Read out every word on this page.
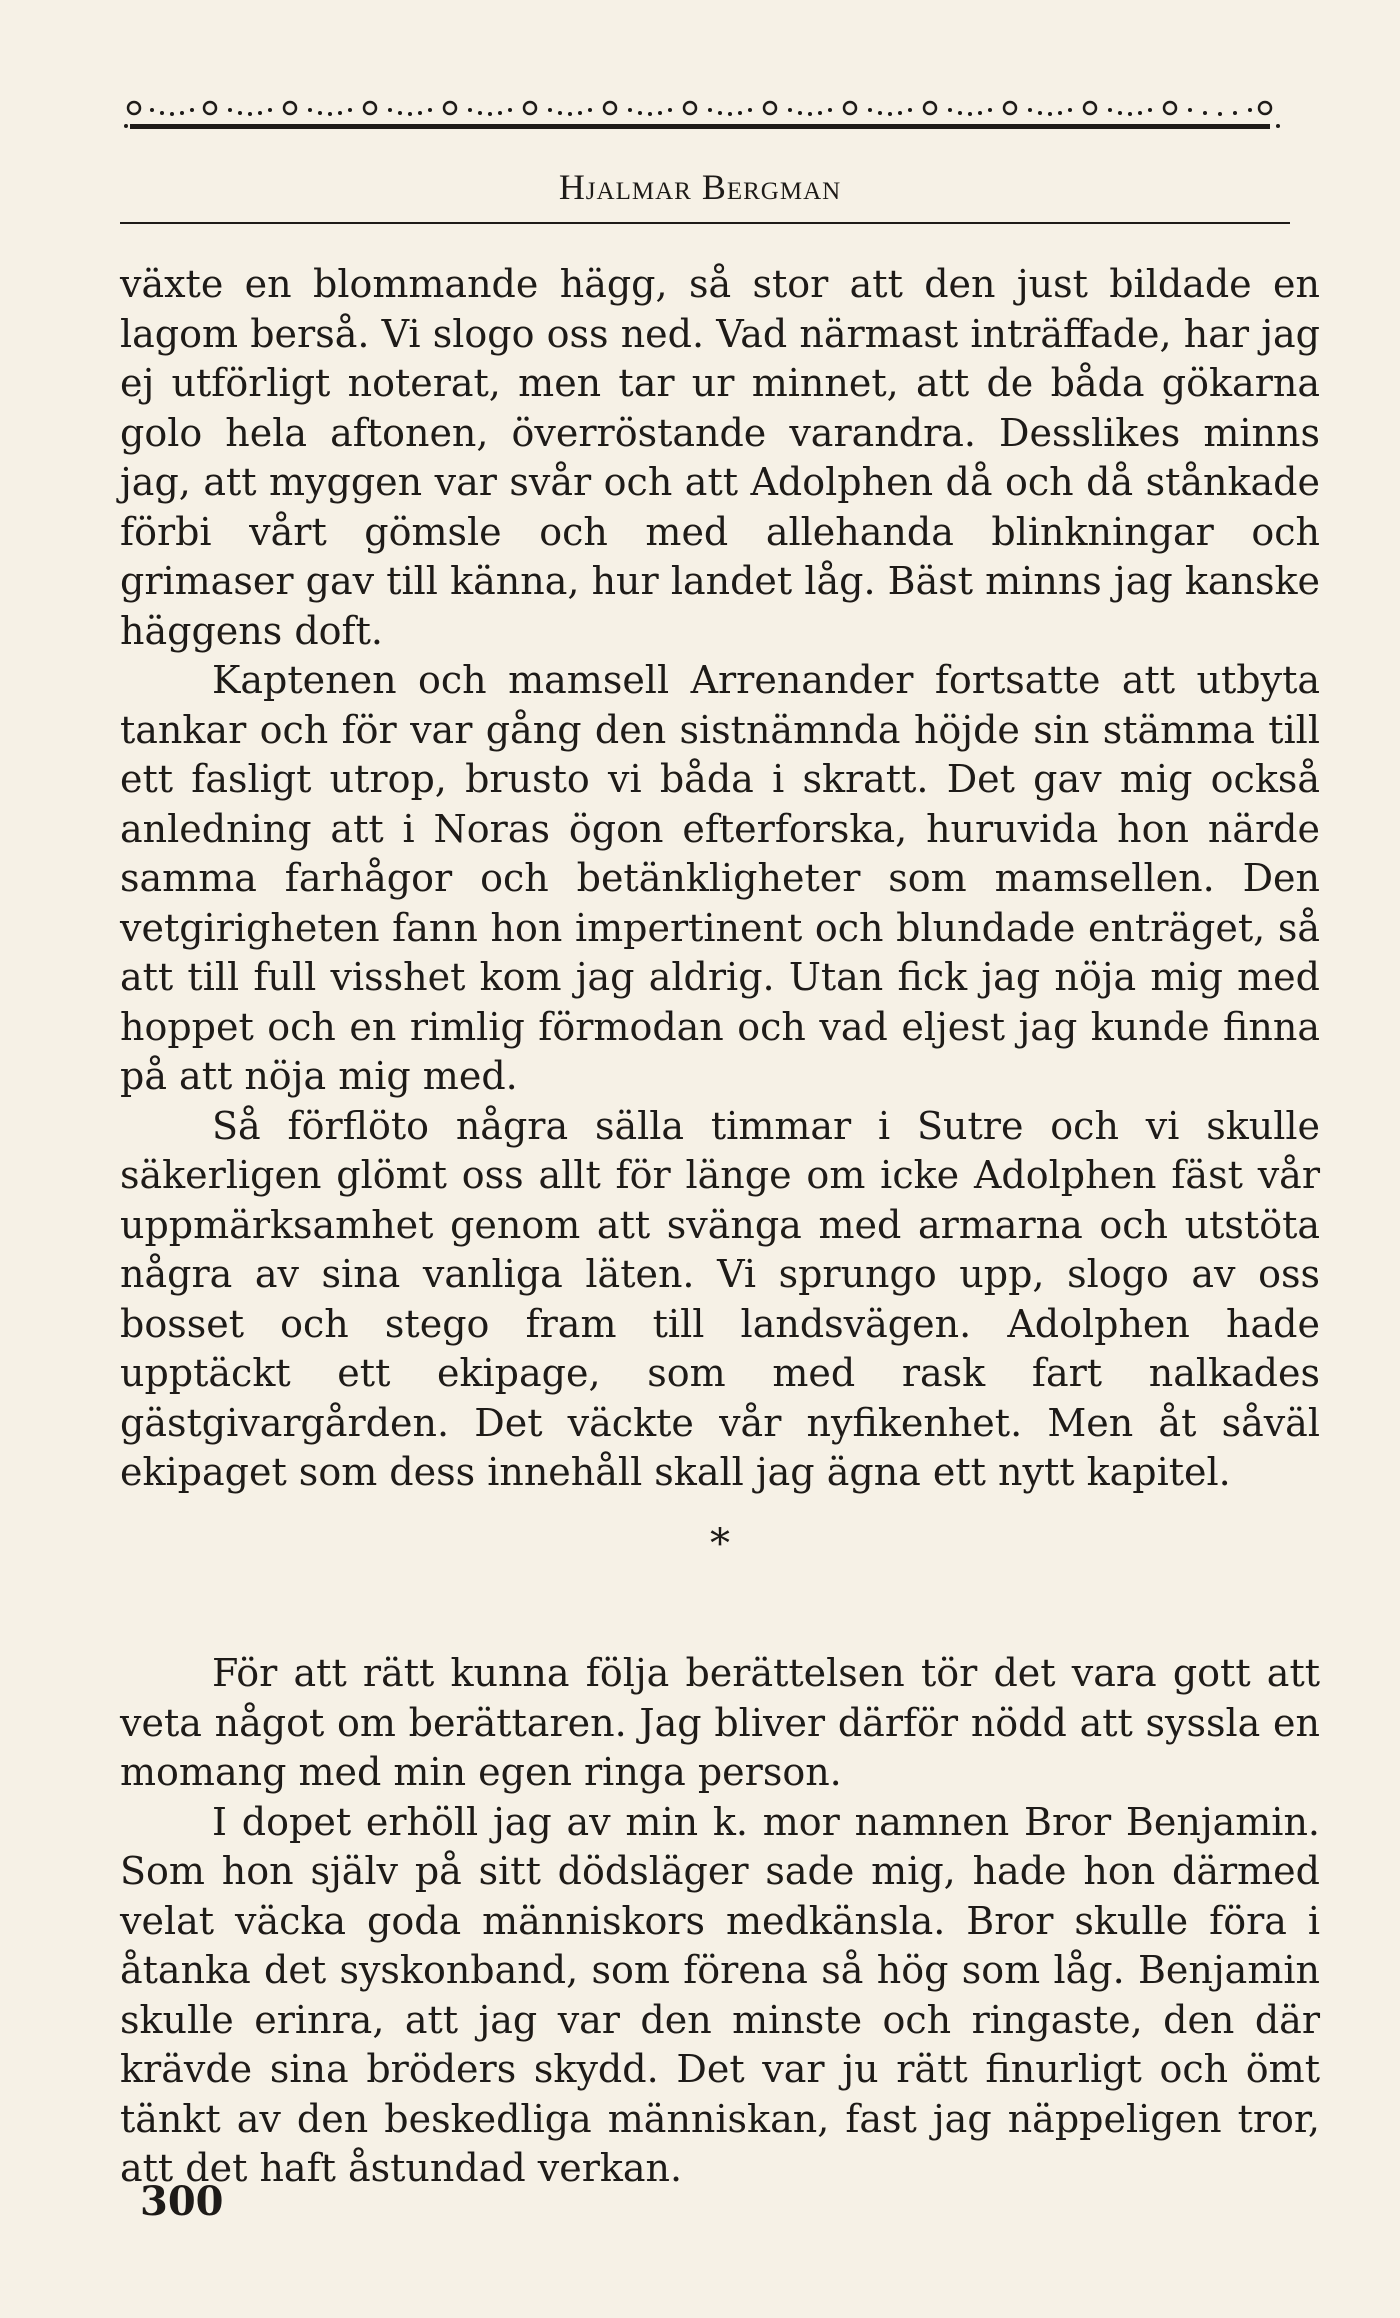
Hjalmar Bergman

växte en blommande hägg, så stor att den just bildade en lagom berså. Vi slogo oss ned. Vad närmast inträffade, har jag ej utförligt noterat, men tar ur minnet, att de båda gökarna golo hela aftonen, överröstande varandra. Desslikes minns jag, att myggen var svår och att Adolphen då och då stånkade förbi vårt gömsle och med allehanda blinkningar och grimaser gav till känna, hur landet låg. Bäst minns jag kanske häggens doft.

Kaptenen och mamsell Arrenander fortsatte att utbyta tankar och för var gång den sistnämnda höjde sin stämma till ett fasligt utrop, brusto vi båda i skratt. Det gav mig också anledning att i Noras ögon efterforska, huruvida hon närde samma farhågor och betänkligheter som mamsellen. Den vetgirigheten fann hon impertinent och blundade enträget, så att till full visshet kom jag aldrig. Utan fick jag nöja mig med hoppet och en rimlig förmodan och vad eljest jag kunde finna på att nöja mig med.

Så förflöto några sälla timmar i Sutre och vi skulle säkerligen glömt oss allt för länge om icke Adolphen fäst vår uppmärksamhet genom att svänga med armarna och utstöta några av sina vanliga läten. Vi sprungo upp, slogo av oss bosset och stego fram till landsvägen. Adolphen hade upptäckt ett ekipage, som med rask fart nalkades gästgivargården. Det väckte vår nyfikenhet. Men åt såväl ekipaget som dess innehåll skall jag ägna ett nytt kapitel.

*

För att rätt kunna följa berättelsen tör det vara gott att veta något om berättaren. Jag bliver därför nödd att syssla en momang med min egen ringa person.

I dopet erhöll jag av min k. mor namnen Bror Benjamin. Som hon själv på sitt dödsläger sade mig, hade hon därmed velat väcka goda människors medkänsla. Bror skulle föra i åtanka det syskonband, som förena så hög som låg. Benjamin skulle erinra, att jag var den minste och ringaste, den där krävde sina bröders skydd. Det var ju rätt finurligt och ömt tänkt av den beskedliga människan, fast jag näppeligen tror, att det haft åstundad verkan.

300
